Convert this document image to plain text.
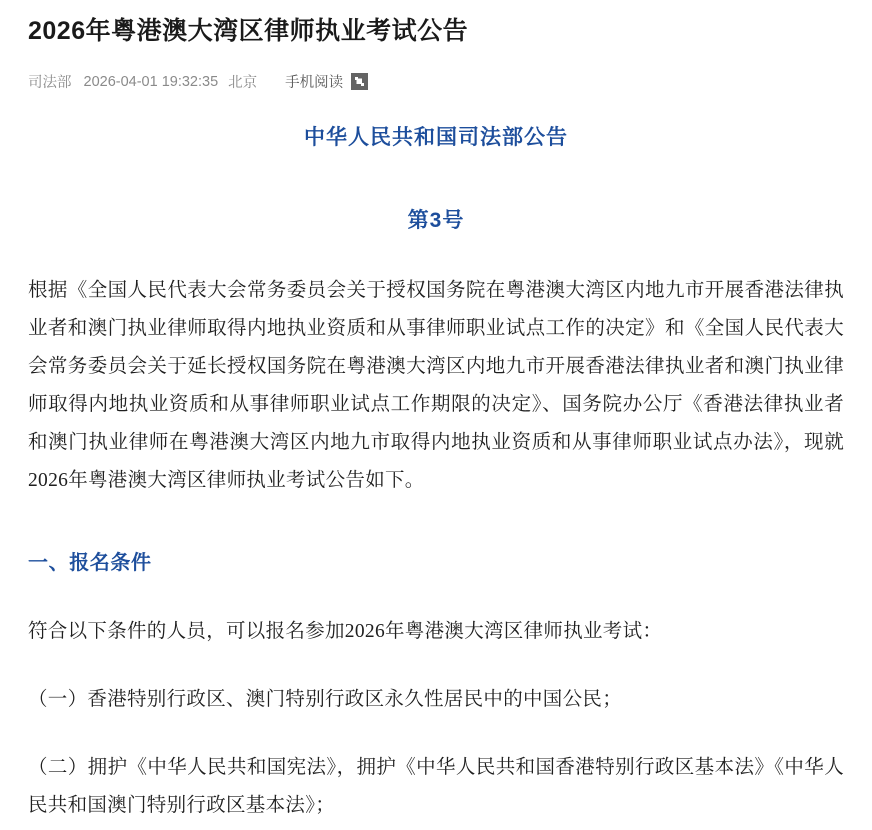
2026年粤港澳大湾区律师执业考试公告
司法部 2026-04-01 19:32:35 北京 手机阅读
中华人民共和国司法部公告
第3号

根据《全国人民代表大会常务委员会关于授权国务院在粤港澳大湾区内地九市开展香港法律执业者和澳门执业律师取得内地执业资质和从事律师职业试点工作的决定》和《全国人民代表大会常务委员会关于延长授权国务院在粤港澳大湾区内地九市开展香港法律执业者和澳门执业律师取得内地执业资质和从事律师职业试点工作期限的决定》、国务院办公厅《香港法律执业者和澳门执业律师在粤港澳大湾区内地九市取得内地执业资质和从事律师职业试点办法》，现就2026年粤港澳大湾区律师执业考试公告如下。

一、报名条件

符合以下条件的人员，可以报名参加2026年粤港澳大湾区律师执业考试：

（一）香港特别行政区、澳门特别行政区永久性居民中的中国公民；

（二）拥护《中华人民共和国宪法》，拥护《中华人民共和国香港特别行政区基本法》《中华人民共和国澳门特别行政区基本法》；
